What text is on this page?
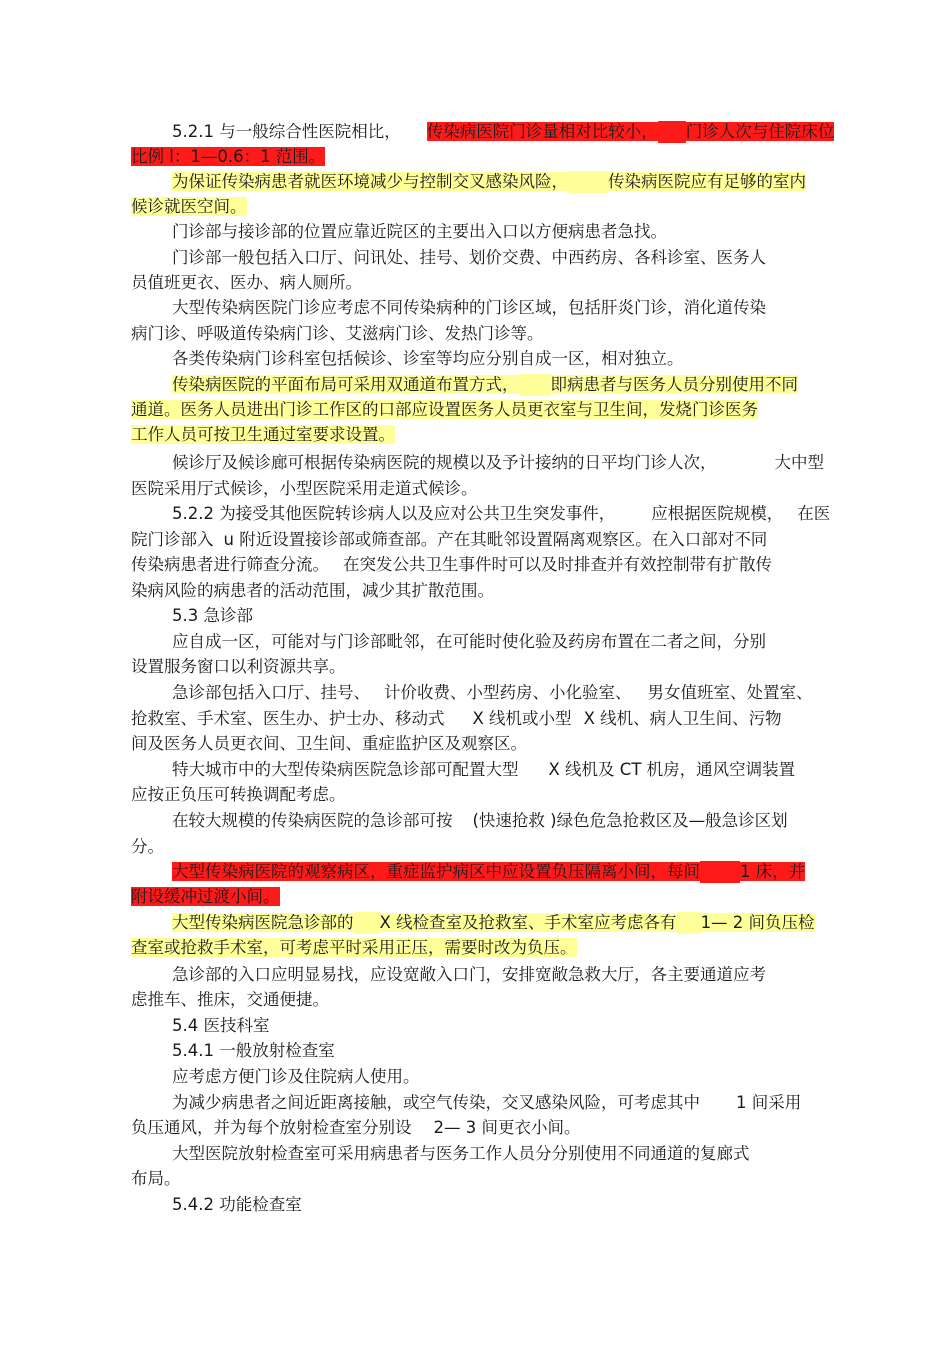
5.2.1 与一般综合性医院相比， 传染病医院门诊量相对比较小， 门诊人次与住院床位
比例 l：1—0.6：1 范围。
为保证传染病患者就医环境减少与控制交叉感染风险， 传染病医院应有足够的室内
候诊就医空间。
门诊部与接诊部的位置应靠近院区的主要出入口以方便病患者急找。
门诊部一般包括入口厅、问讯处、挂号、划价交费、中西药房、各科诊室、医务人
员值班更衣、医办、病人厕所。
大型传染病医院门诊应考虑不同传染病种的门诊区域，包括肝炎门诊，消化道传染
病门诊、呼吸道传染病门诊、艾滋病门诊、发热门诊等。
各类传染病门诊科室包括候诊、诊室等均应分别自成一区，相对独立。
传染病医院的平面布局可采用双通道布置方式， 即病患者与医务人员分别使用不同
通道。医务人员进出门诊工作区的口部应设置医务人员更衣室与卫生间，发烧门诊医务
工作人员可按卫生通过室要求设置。
候诊厅及候诊廊可根据传染病医院的规模以及予计接纳的日平均门诊人次，	大中型
医院采用厅式候诊，小型医院采用走道式候诊。
5.2.2 为接受其他医院转诊病人以及应对公共卫生突发事件， 应根据医院规模， 在医
院门诊部入 u 附近设置接诊部或筛查部。产在其毗邻设置隔离观察区。在入口部对不同
传染病患者进行筛查分流。 在突发公共卫生事件时可以及时排查并有效控制带有扩散传
染病风险的病患者的活动范围，减少其扩散范围。
5.3 急诊部
应自成一区，可能对与门诊部毗邻，在可能时使化验及药房布置在二者之间，分别
设置服务窗口以利资源共享。
急诊部包括入口厅、挂号、 计价收费、小型药房、小化验室、 男女值班室、处置室、
抢救室、手术室、医生办、护士办、移动式 X 线机或小型 X 线机、病人卫生间、污物
间及医务人员更衣间、卫生间、重症监护区及观察区。
特大城市中的大型传染病医院急诊部可配置大型 X 线机及 CT 机房，通风空调装置
应按正负压可转换调配考虑。
在较大规模的传染病医院的急诊部可按 (快速抢救 )绿色危急抢救区及—般急诊区划
分。
大型传染病医院的观察病区，重症监护病区中应设置负压隔离小间，每间 1 床，并
附设缓冲过渡小间。
大型传染病医院急诊部的 X 线检查室及抢救室、手术室应考虑各有 1— 2 间负压检
查室或抢救手术室，可考虑平时采用正压，需要时改为负压。
急诊部的入口应明显易找，应设宽敞入口门，安排宽敞急救大厅，各主要通道应考
虑推车、推床，交通便捷。
5.4 医技科室
5.4.1 一般放射检查室
应考虑方便门诊及住院病人使用。
为减少病患者之间近距离接触，或空气传染，交叉感染风险，可考虑其中 1 间采用
负压通风，并为每个放射检查室分别设 2— 3 间更衣小间。
大型医院放射检查室可采用病患者与医务工作人员分分别使用不同通道的复廊式
布局。
5.4.2 功能检查室
